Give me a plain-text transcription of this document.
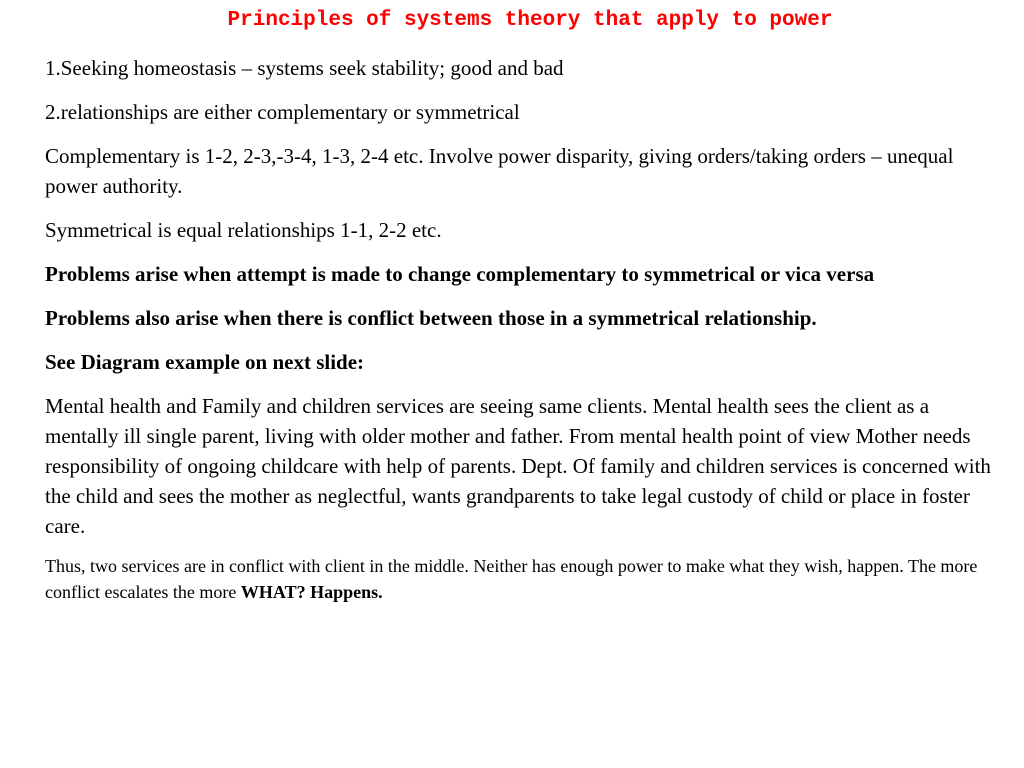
Principles of systems theory that apply to power

1.Seeking homeostasis – systems seek stability; good and bad

2.relationships are either complementary or symmetrical

Complementary is 1-2, 2-3,-3-4, 1-3, 2-4 etc. Involve power disparity, giving orders/taking orders – unequal power authority.

Symmetrical is equal relationships 1-1, 2-2 etc.

Problems arise when attempt is made to change complementary to symmetrical or vica versa

Problems also arise when there is conflict between those in a symmetrical relationship.

See Diagram example on next slide:

Mental health and Family and children services are seeing same clients. Mental health sees the client as a mentally ill single parent, living with older mother and father. From mental health point of view Mother needs responsibility of ongoing childcare with help of parents. Dept. Of family and children services is concerned with the child and sees the mother as neglectful, wants grandparents to take legal custody of child or place in foster care.

Thus, two services are in conflict with client in the middle. Neither has enough power to make what they wish, happen. The more conflict escalates the more WHAT? Happens.
